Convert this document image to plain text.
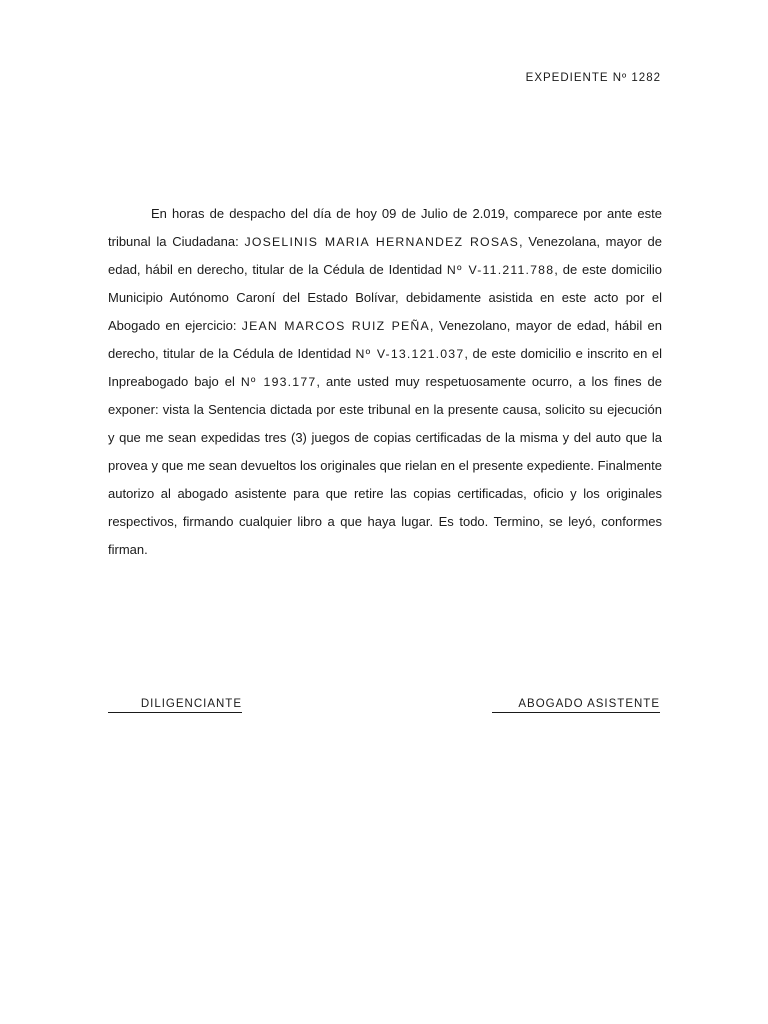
EXPEDIENTE Nº 1282

En horas de despacho del día de hoy 09 de Julio de 2.019, comparece por ante este tribunal la Ciudadana: JOSELINIS MARIA HERNANDEZ ROSAS, Venezolana, mayor de edad, hábil en derecho, titular de la Cédula de Identidad Nº V-11.211.788, de este domicilio Municipio Autónomo Caroní del Estado Bolívar, debidamente asistida en este acto por el Abogado en ejercicio: JEAN MARCOS RUIZ PEÑA, Venezolano, mayor de edad, hábil en derecho, titular de la Cédula de Identidad Nº V-13.121.037, de este domicilio e inscrito en el Inpreabogado bajo el Nº 193.177, ante usted muy respetuosamente ocurro, a los fines de exponer: vista la Sentencia dictada por este tribunal en la presente causa, solicito su ejecución y que me sean expedidas tres (3) juegos de copias certificadas de la misma y del auto que la provea y que me sean devueltos los originales que rielan en el presente expediente. Finalmente autorizo al abogado asistente para que retire las copias certificadas, oficio y los originales respectivos, firmando cualquier libro a que haya lugar. Es todo. Termino, se leyó, conformes firman.

DILIGENCIANTE	ABOGADO ASISTENTE
